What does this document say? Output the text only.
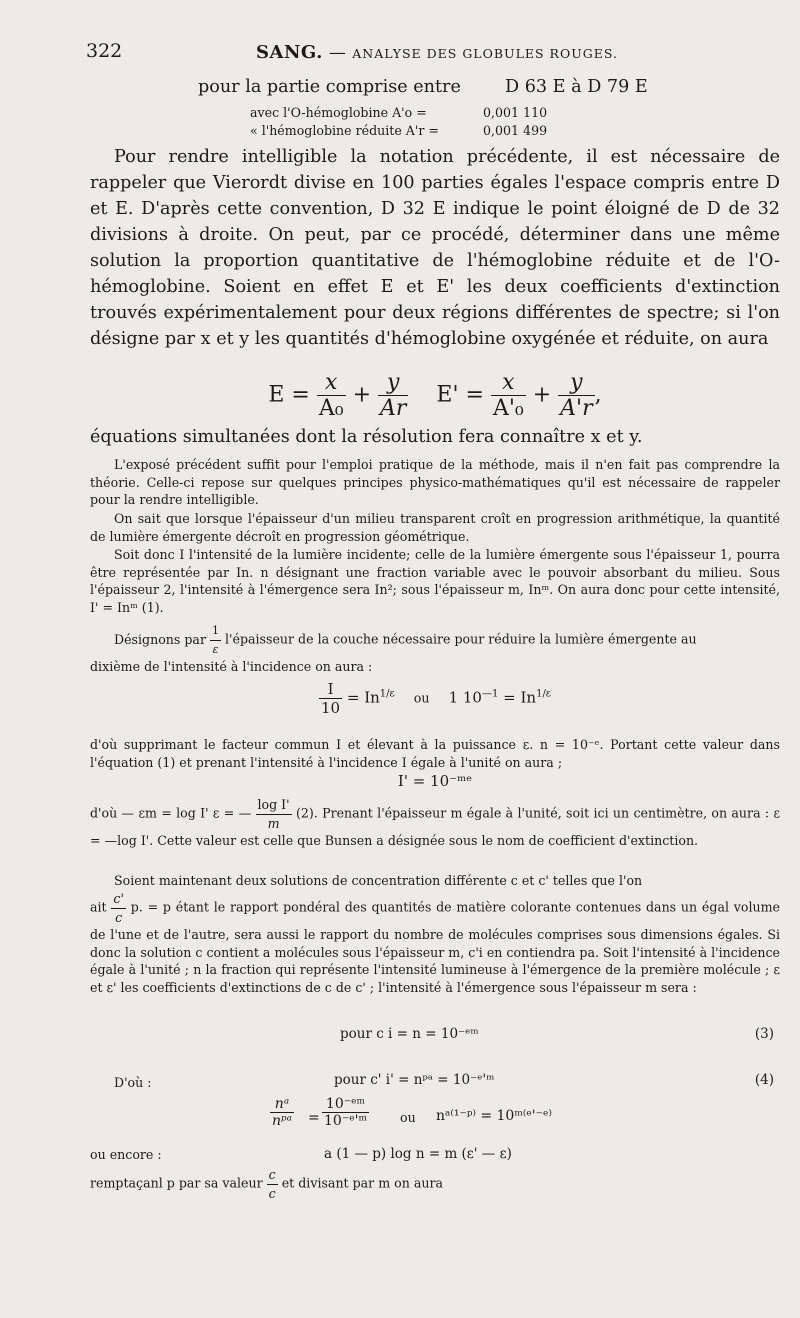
322	SANG. — ANALYSE DES GLOBULES ROUGES.
pour la partie comprise entre	D 63 E à D 79 E
avec l'O-hémoglobine A'o =	0,001 110
« l'hémoglobine réduite A'r =	0,001 499

Pour rendre intelligible la notation précédente, il est nécessaire de rappeler que Vierordt divise en 100 parties égales l'espace compris entre D et E. D'après cette convention, D 32 E indique le point éloigné de D de 32 divisions à droite. On peut, par ce procédé, déterminer dans une même solution la proportion quantitative de l'hémoglobine réduite et de l'O-hémoglobine. Soient en effet E et E' les deux coefficients d'extinction trouvés expérimentalement pour deux régions différentes de spectre; si l'on désigne par x et y les quantités d'hémoglobine oxygénée et réduite, on aura

$E = \frac{x}{\text{A₀}} + \frac{y}{Ar} E' = \frac{x}{\text{A'₀}} + \frac{y}{A'r}$ ,

équations simultanées dont la résolution fera connaître x et y.

L'exposé précédent suffit pour l'emploi pratique de la méthode, mais il n'en fait pas comprendre la théorie. Celle-ci repose sur quelques principes physico-mathématiques qu'il est nécessaire de rappeler pour la rendre intelligible.

On sait que lorsque l'épaisseur d'un milieu transparent croît en progression arithmétique, la quantité de lumière émergente décroît en progression géométrique.

Soit donc I l'intensité de la lumière incidente; celle de la lumière émergente sous l'épaisseur 1, pourra être représentée par In. n désignant une fraction variable avec le pouvoir absorbant du milieu. Sous l'épaisseur 2, l'intensité à l'émergence sera In²; sous l'épaisseur m, Inᵐ. On aura donc pour cette intensité, I' = Inᵐ (1).

Désignons par $\frac{1}{\varepsilon}$ l'épaisseur de la couche nécessaire pour réduire la lumière émergente au

dixième de l'intensité à l'incidence on aura :

$\frac{I}{10} = In^{1/\varepsilon}$ ou 1 $10^{—1} = In^{1/\varepsilon}$

d'où supprimant le facteur commun I et élevant à la puissance ε. n = 10⁻ᵉ. Portant cette valeur dans l'équation (1) et prenant l'intensité à l'incidence I égale à l'unité on aura ;

I' = 10⁻ᵐᵉ
d'où — εm = log I' ε = — $\frac{\text{log I'}}{m} (2)$. Prenant l'épaisseur m égale à l'unité, soit ici un centimètre, on aura : ε = —log I'. Cette valeur est celle que Bunsen a désignée sous le nom de coefficient d'extinction.

Soient maintenant deux solutions de concentration différente c et c' telles que l'on

ait $\frac{c'}{c} p$. = p étant le rapport pondéral des quantités de matière colorante contenues dans un égal volume de l'une et de l'autre, sera aussi le rapport du nombre de molécules comprises sous dimensions égales. Si donc la solution c contient a molécules sous l'épaisseur m, c'i en contiendra pa. Soit l'intensité à l'incidence égale à l'unité ; n la fraction qui représente l'intensité lumineuse à l'émergence de la première molécule ; ε et ε' les coefficients d'extinctions de c de c' ; l'intensité à l'émergence sous l'épaisseur m sera :
pour c i = n = 10⁻ᵉᵐ	(3)
pour c' i' = nᵖᵃ = 10⁻ᵉ'ᵐ	(4)
D'où :
nᵃ
nᵖᵃ = $\frac{\text{10⁻ᵉᵐ}}{\text{10⁻ᵉ'ᵐ}}$ ou nᵃ⁽¹⁻ᵖ⁾ = 10ᵐ⁽ᵉ'⁻ᵉ⁾
ou encore :	a (1 — p) log n = m (ε' — ε)
remptaçanl p par sa valeur $\frac{c}{c}$ et divisant par m on aura
